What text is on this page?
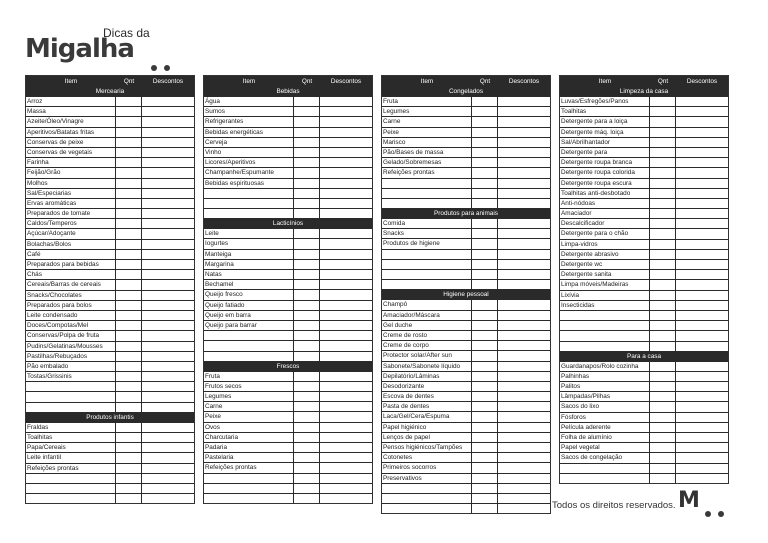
Dicas da
Migalha

Item	Qnt	Descontos
Mercearia
Arroz
Massa
Azeite/Óleo/Vinagre
Aperitivos/Batatas fritas
Conservas de peixe
Conservas de vegetais
Farinha
Feijão/Grão
Molhos
Sal/Especiarias
Ervas aromáticas
Preparados de tomate
Caldos/Temperos
Açúcar/Adoçante
Bolachas/Bolos
Café
Preparados para bebidas
Chás
Cereais/Barras de cereais
Snacks/Chocolates
Preparados para bolos
Leite condensado
Doces/Compotas/Mel
Conservas/Polpa de fruta
Pudins/Gelatinas/Mousses
Pastilhas/Rebuçados
Pão embalado
Tostas/Grissinis
Produtos infantis
Fraldas
Toalhitas
Papa/Cereais
Leite infantil
Refeições prontas
Item	Qnt	Descontos
Bebidas
Água
Sumos
Refrigerantes
Bebidas energéticas
Cerveja
Vinho
Licores/Aperitivos
Champanhe/Espumante
Bebidas espirituosas
Lacticínios
Leite
Iogurtes
Manteiga
Margarina
Natas
Bechamel
Queijo fresco
Queijo fatiado
Queijo em barra
Queijo para barrar
Frescos
Fruta
Frutos secos
Legumes
Carne
Peixe
Ovos
Charcutaria
Padaria
Pastelaria
Refeições prontas
Item	Qnt	Descontos
Congelados
Fruta
Legumes
Carne
Peixe
Marisco
Pão/Bases de massa
Gelado/Sobremesas
Refeições prontas
Produtos para animais
Comida
Snacks
Produtos de higiene
Higiene pessoal
Champô
Amaciador/Máscara
Gel duche
Creme de rosto
Creme de corpo
Protector solar/After sun
Sabonete/Sabonete líquido
Depilatório/Lâminas
Desodorizante
Escova de dentes
Pasta de dentes
Laca/Gel/Cera/Espuma
Papel higiénico
Lenços de papel
Pensos higiénicos/Tampões
Cotonetes
Primeiros socorros
Preservativos
Item	Qnt	Descontos
Limpeza da casa
Luvas/Esfregões/Panos
Toalhitas
Detergente para a loiça
Detergente máq. loiça
Sal/Abrilhantador
Detergente para
Detergente roupa branca
Detergente roupa colorida
Detergente roupa escura
Toalhitas anti-desbotado
Anti-nódoas
Amaciador
Descalcificador
Detergente para o chão
Limpa-vidros
Detergente abrasivo
Detergente wc
Detergente sanita
Limpa móveis/Madeiras
Lixívia
Insecticidas
Para a casa
Guardanapos/Rolo cozinha
Palhinhas
Palitos
Lâmpadas/Pilhas
Sacos do lixo
Fósforos
Película aderente
Folha de alumínio
Papel vegetal
Sacos de congelação
Todos os direitos reservados. M
